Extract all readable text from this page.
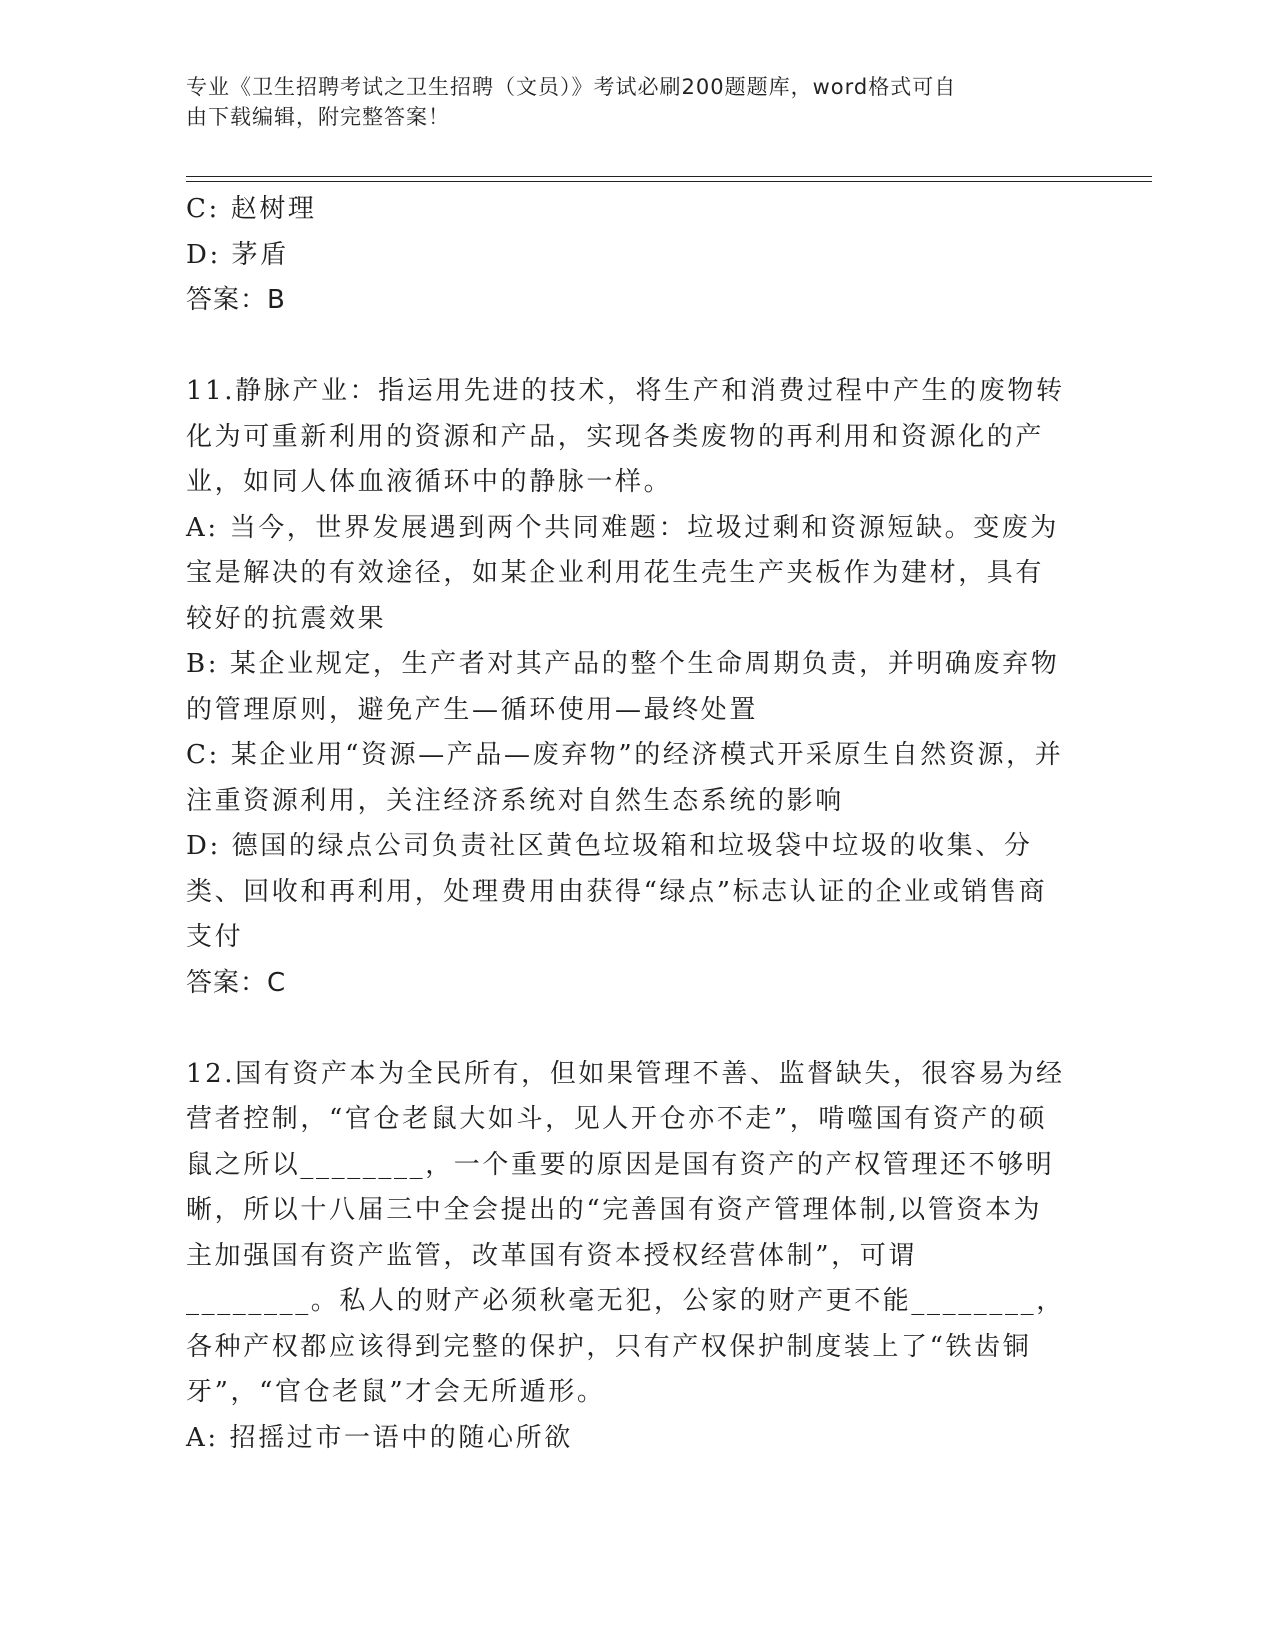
专业《卫生招聘考试之卫生招聘（文员）》考试必刷200题题库，word格式可自
由下载编辑，附完整答案！

C: 赵树理

D: 茅盾

答案：B

11.静脉产业：指运用先进的技术，将生产和消费过程中产生的废物转化为可重新利用的资源和产品，实现各类废物的再利用和资源化的产业，如同人体血液循环中的静脉一样。

A: 当今，世界发展遇到两个共同难题：垃圾过剩和资源短缺。变废为宝是解决的有效途径，如某企业利用花生壳生产夹板作为建材，具有较好的抗震效果

B: 某企业规定，生产者对其产品的整个生命周期负责，并明确废弃物的管理原则，避免产生—循环使用—最终处置

C: 某企业用“资源—产品—废弃物”的经济模式开采原生自然资源，并注重资源利用，关注经济系统对自然生态系统的影响

D: 德国的绿点公司负责社区黄色垃圾箱和垃圾袋中垃圾的收集、分类、回收和再利用，处理费用由获得“绿点”标志认证的企业或销售商支付

答案：C

12.国有资产本为全民所有，但如果管理不善、监督缺失，很容易为经营者控制，“官仓老鼠大如斗，见人开仓亦不走”，啃噬国有资产的硕鼠之所以________，一个重要的原因是国有资产的产权管理还不够明晰，所以十八届三中全会提出的“完善国有资产管理体制,以管资本为主加强国有资产监管，改革国有资本授权经营体制”，可谓________。私人的财产必须秋毫无犯，公家的财产更不能________，各种产权都应该得到完整的保护，只有产权保护制度装上了“铁齿铜牙”，“官仓老鼠”才会无所遁形。

A: 招摇过市一语中的随心所欲
